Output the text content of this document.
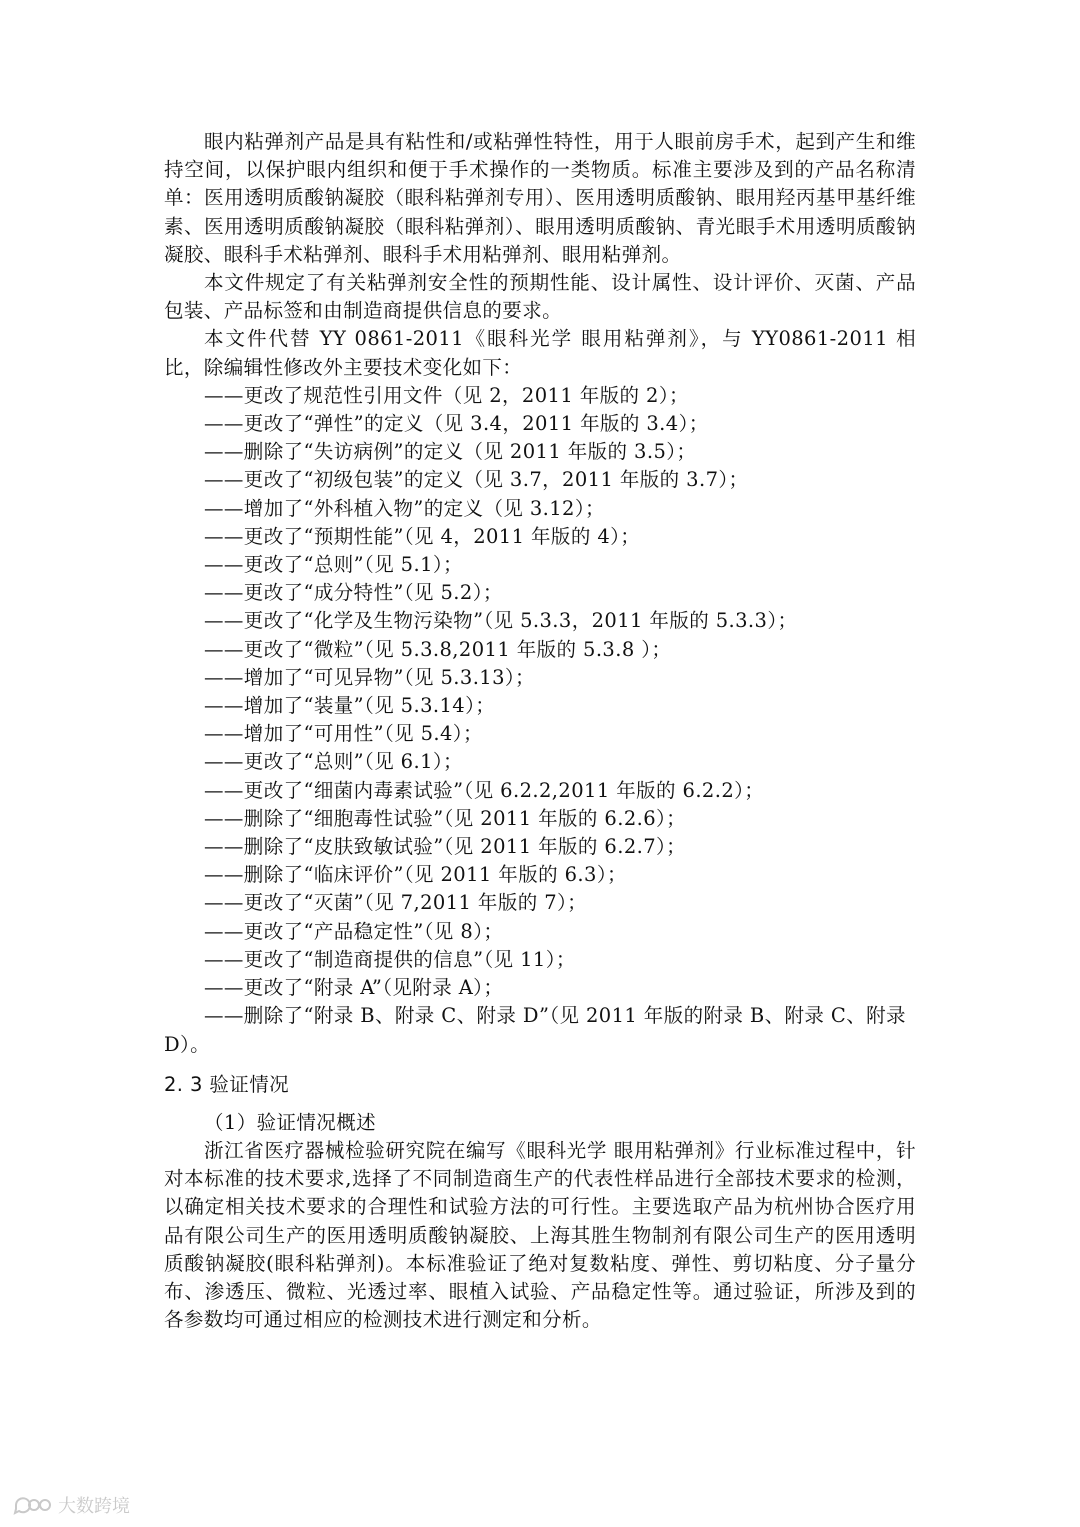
眼内粘弹剂产品是具有粘性和/或粘弹性特性，用于人眼前房手术，起到产生和维持空间，以保护眼内组织和便于手术操作的一类物质。标准主要涉及到的产品名称清单：医用透明质酸钠凝胶（眼科粘弹剂专用）、医用透明质酸钠、眼用羟丙基甲基纤维素、医用透明质酸钠凝胶（眼科粘弹剂）、眼用透明质酸钠、青光眼手术用透明质酸钠凝胶、眼科手术粘弹剂、眼科手术用粘弹剂、眼用粘弹剂。

本文件规定了有关粘弹剂安全性的预期性能、设计属性、设计评价、灭菌、产品包装、产品标签和由制造商提供信息的要求。

本文件代替 YY 0861-2011《眼科光学 眼用粘弹剂》，与 YY0861-2011 相比，除编辑性修改外主要技术变化如下：

——更改了规范性引用文件（见 2，2011 年版的 2）；
——更改了“弹性”的定义（见 3.4，2011 年版的 3.4）；
——删除了“失访病例”的定义（见 2011 年版的 3.5）；
——更改了“初级包装”的定义（见 3.7，2011 年版的 3.7）；
——增加了“外科植入物”的定义（见 3.12）；
——更改了“预期性能”（见 4，2011 年版的 4）；
——更改了“总则”（见 5.1）；
——更改了“成分特性”（见 5.2）；
——更改了“化学及生物污染物”（见 5.3.3，2011 年版的 5.3.3）；
——更改了“微粒”（见 5.3.8,2011 年版的 5.3.8 ）；
——增加了“可见异物”（见 5.3.13）；
——增加了“装量”（见 5.3.14）；
——增加了“可用性”（见 5.4）；
——更改了“总则”（见 6.1）；
——更改了“细菌内毒素试验”（见 6.2.2,2011 年版的 6.2.2）；
——删除了“细胞毒性试验”（见 2011 年版的 6.2.6）；
——删除了“皮肤致敏试验”（见 2011 年版的 6.2.7）；
——删除了“临床评价”（见 2011 年版的 6.3）；
——更改了“灭菌”（见 7,2011 年版的 7）；
——更改了“产品稳定性”（见 8）；
——更改了“制造商提供的信息”（见 11）；
——更改了“附录 A”（见附录 A）；
——删除了“附录 B、附录 C、附录 D”（见 2011 年版的附录 B、附录 C、附录 D）。
2. 3 验证情况

（1）验证情况概述

浙江省医疗器械检验研究院在编写《眼科光学 眼用粘弹剂》行业标准过程中，针对本标准的技术要求,选择了不同制造商生产的代表性样品进行全部技术要求的检测，以确定相关技术要求的合理性和试验方法的可行性。主要选取产品为杭州协合医疗用品有限公司生产的医用透明质酸钠凝胶、上海其胜生物制剂有限公司生产的医用透明质酸钠凝胶(眼科粘弹剂)。本标准验证了绝对复数粘度、弹性、剪切粘度、分子量分布、渗透压、微粒、光透过率、眼植入试验、产品稳定性等。通过验证，所涉及到的各参数均可通过相应的检测技术进行测定和分析。

大数跨境
